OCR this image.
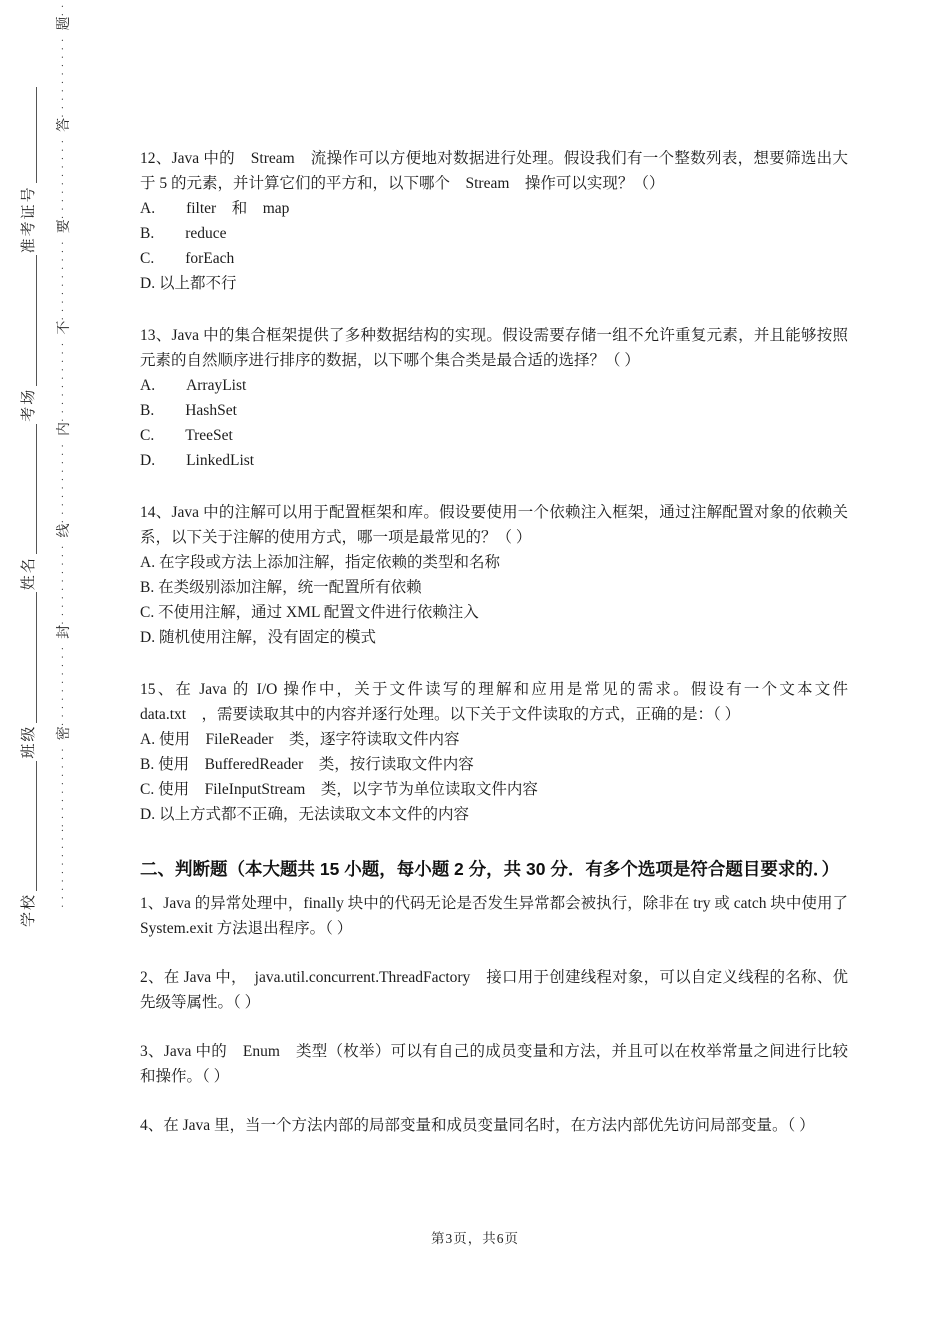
学校
班级
姓名
考场
准考证号
· · · · · · 密
· · · 封
· · · 线
· · · 内
· · · 不
· · · 要
· · · 答
· · · 题
· · ·
12、Java 中的　Stream　流操作可以方便地对数据进行处理。假设我们有一个整数列表，想要筛选出大于 5 的元素，并计算它们的平方和，以下哪个　Stream　操作可以实现？（）
A.　　filter　和　map
B.　　reduce
C.　　forEach
D. 以上都不行
13、Java 中的集合框架提供了多种数据结构的实现。假设需要存储一组不允许重复元素，并且能够按照元素的自然顺序进行排序的数据，以下哪个集合类是最合适的选择？（ ）
A.　　ArrayList
B.　　HashSet
C.　　TreeSet
D.　　LinkedList
14、Java 中的注解可以用于配置框架和库。假设要使用一个依赖注入框架，通过注解配置对象的依赖关系，以下关于注解的使用方式，哪一项是最常见的？（ ）
A. 在字段或方法上添加注解，指定依赖的类型和名称
B. 在类级别添加注解，统一配置所有依赖
C. 不使用注解，通过 XML 配置文件进行依赖注入
D. 随机使用注解，没有固定的模式
15、在 Java 的 I/O 操作中，关于文件读写的理解和应用是常见的需求。假设有一个文本文件　data.txt　，需要读取其中的内容并逐行处理。以下关于文件读取的方式，正确的是：（ ）
A. 使用　FileReader　类，逐字符读取文件内容
B. 使用　BufferedReader　类，按行读取文件内容
C. 使用　FileInputStream　类，以字节为单位读取文件内容
D. 以上方式都不正确，无法读取文本文件的内容
二、判断题（本大题共 15 小题，每小题 2 分，共 30 分．有多个选项是符合题目要求的．）
1、Java 的异常处理中，finally 块中的代码无论是否发生异常都会被执行，除非在 try 或 catch 块中使用了 System.exit 方法退出程序。（ ）
2、在 Java 中，　java.util.concurrent.ThreadFactory　接口用于创建线程对象，可以自定义线程的名称、优先级等属性。（ ）
3、Java 中的　Enum　类型（枚举）可以有自己的成员变量和方法，并且可以在枚举常量之间进行比较和操作。（ ）
4、在 Java 里，当一个方法内部的局部变量和成员变量同名时，在方法内部优先访问局部变量。（ ）
第3页，共6页
